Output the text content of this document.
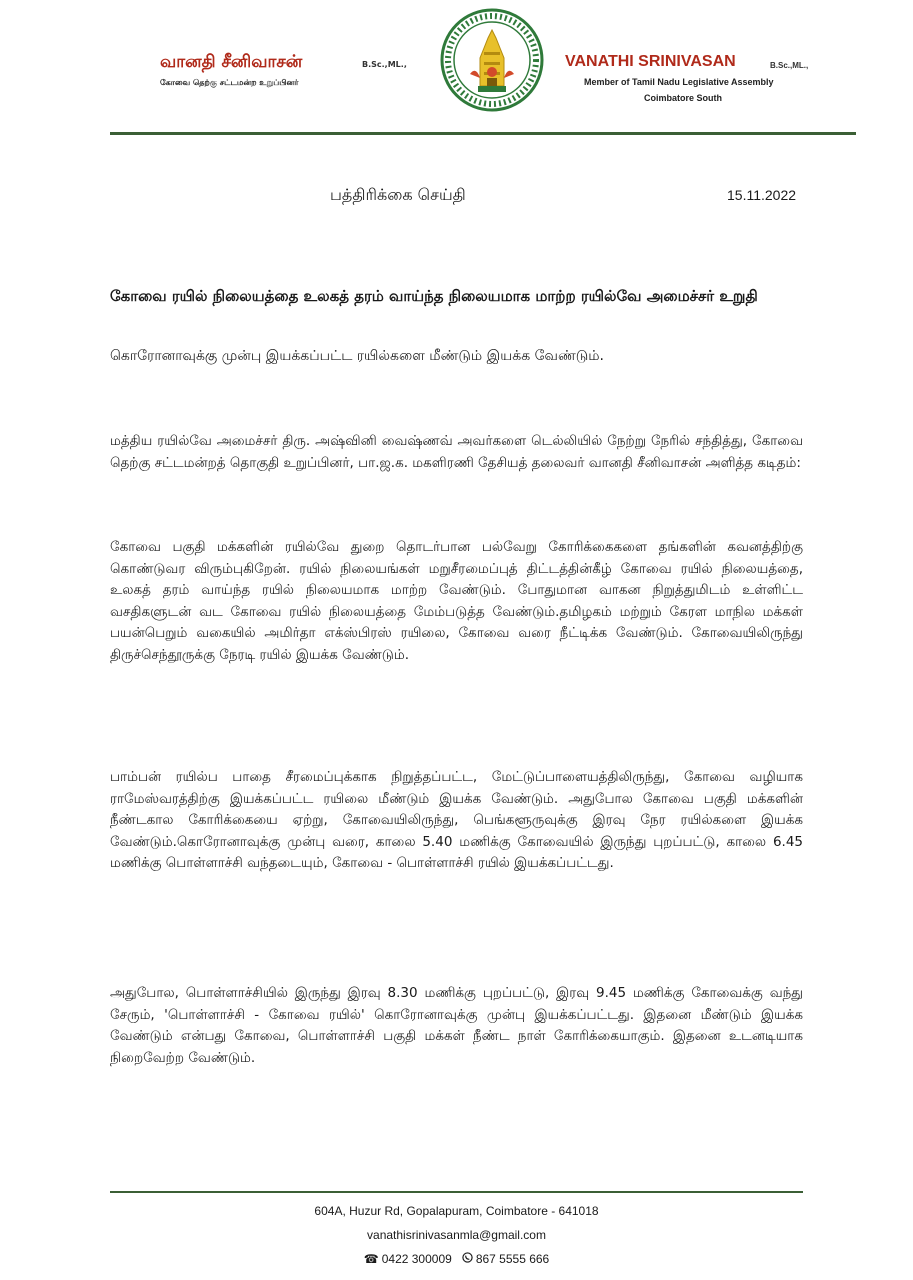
வானதி சீனிவாசன்	B.Sc.,ML.,
கோவை தெற்கு சட்டமன்ற உறுப்பினர்
VANATHI SRINIVASAN	B.Sc.,ML.,
Member of Tamil Nadu Legislative Assembly
Coimbatore South
பத்திரிக்கை செய்தி	15.11.2022
கோவை ரயில் நிலையத்தை உலகத் தரம் வாய்ந்த நிலையமாக மாற்ற ரயில்வே அமைச்சர் உறுதி
கொரோனாவுக்கு முன்பு இயக்கப்பட்ட ரயில்களை மீண்டும் இயக்க வேண்டும்.
மத்திய ரயில்வே அமைச்சர் திரு. அஷ்வினி வைஷ்ணவ் அவர்களை டெல்லியில் நேற்று நேரில் சந்தித்து, கோவை தெற்கு சட்டமன்றத் தொகுதி உறுப்பினர், பா.ஜ.க. மகளிரணி தேசியத் தலைவர் வானதி சீனிவாசன் அளித்த கடிதம்:
கோவை பகுதி மக்களின் ரயில்வே துறை தொடர்பான பல்வேறு கோரிக்கைகளை தங்களின் கவனத்திற்கு கொண்டுவர விரும்புகிறேன். ரயில் நிலையங்கள் மறுசீரமைப்புத் திட்டத்தின்கீழ் கோவை ரயில் நிலையத்தை, உலகத் தரம் வாய்ந்த ரயில் நிலையமாக மாற்ற வேண்டும். போதுமான வாகன நிறுத்துமிடம் உள்ளிட்ட வசதிகளுடன் வட கோவை ரயில் நிலையத்தை மேம்படுத்த வேண்டும்.தமிழகம் மற்றும் கேரள மாநில மக்கள் பயன்பெறும் வகையில் அமிர்தா எக்ஸ்பிரஸ் ரயிலை, கோவை வரை நீட்டிக்க வேண்டும். கோவையிலிருந்து திருச்செந்தூருக்கு நேரடி ரயில் இயக்க வேண்டும்.
பாம்பன் ரயில்ப பாதை சீரமைப்புக்காக நிறுத்தப்பட்ட, மேட்டுப்பாளையத்திலிருந்து, கோவை வழியாக ராமேஸ்வரத்திற்கு இயக்கப்பட்ட ரயிலை மீண்டும் இயக்க வேண்டும். அதுபோல கோவை பகுதி மக்களின் நீண்டகால கோரிக்கையை ஏற்று, கோவையிலிருந்து, பெங்களூருவுக்கு இரவு நேர ரயில்களை இயக்க வேண்டும்.கொரோனாவுக்கு முன்பு வரை, காலை 5.40 மணிக்கு கோவையில் இருந்து புறப்பட்டு, காலை 6.45 மணிக்கு பொள்ளாச்சி வந்தடையும், கோவை - பொள்ளாச்சி ரயில் இயக்கப்பட்டது.
அதுபோல, பொள்ளாச்சியில் இருந்து இரவு 8.30 மணிக்கு புறப்பட்டு, இரவு 9.45 மணிக்கு கோவைக்கு வந்து சேரும், 'பொள்ளாச்சி - கோவை ரயில்' கொரோனாவுக்கு முன்பு இயக்கப்பட்டது. இதனை மீண்டும் இயக்க வேண்டும் என்பது கோவை, பொள்ளாச்சி பகுதி மக்கள் நீண்ட நாள் கோரிக்கையாகும். இதனை உடனடியாக நிறைவேற்ற வேண்டும்.
604A, Huzur Rd, Gopalapuram, Coimbatore - 641018
vanathisrinivasanmla@gmail.com
☎ 0422 300009 867 5555 666
